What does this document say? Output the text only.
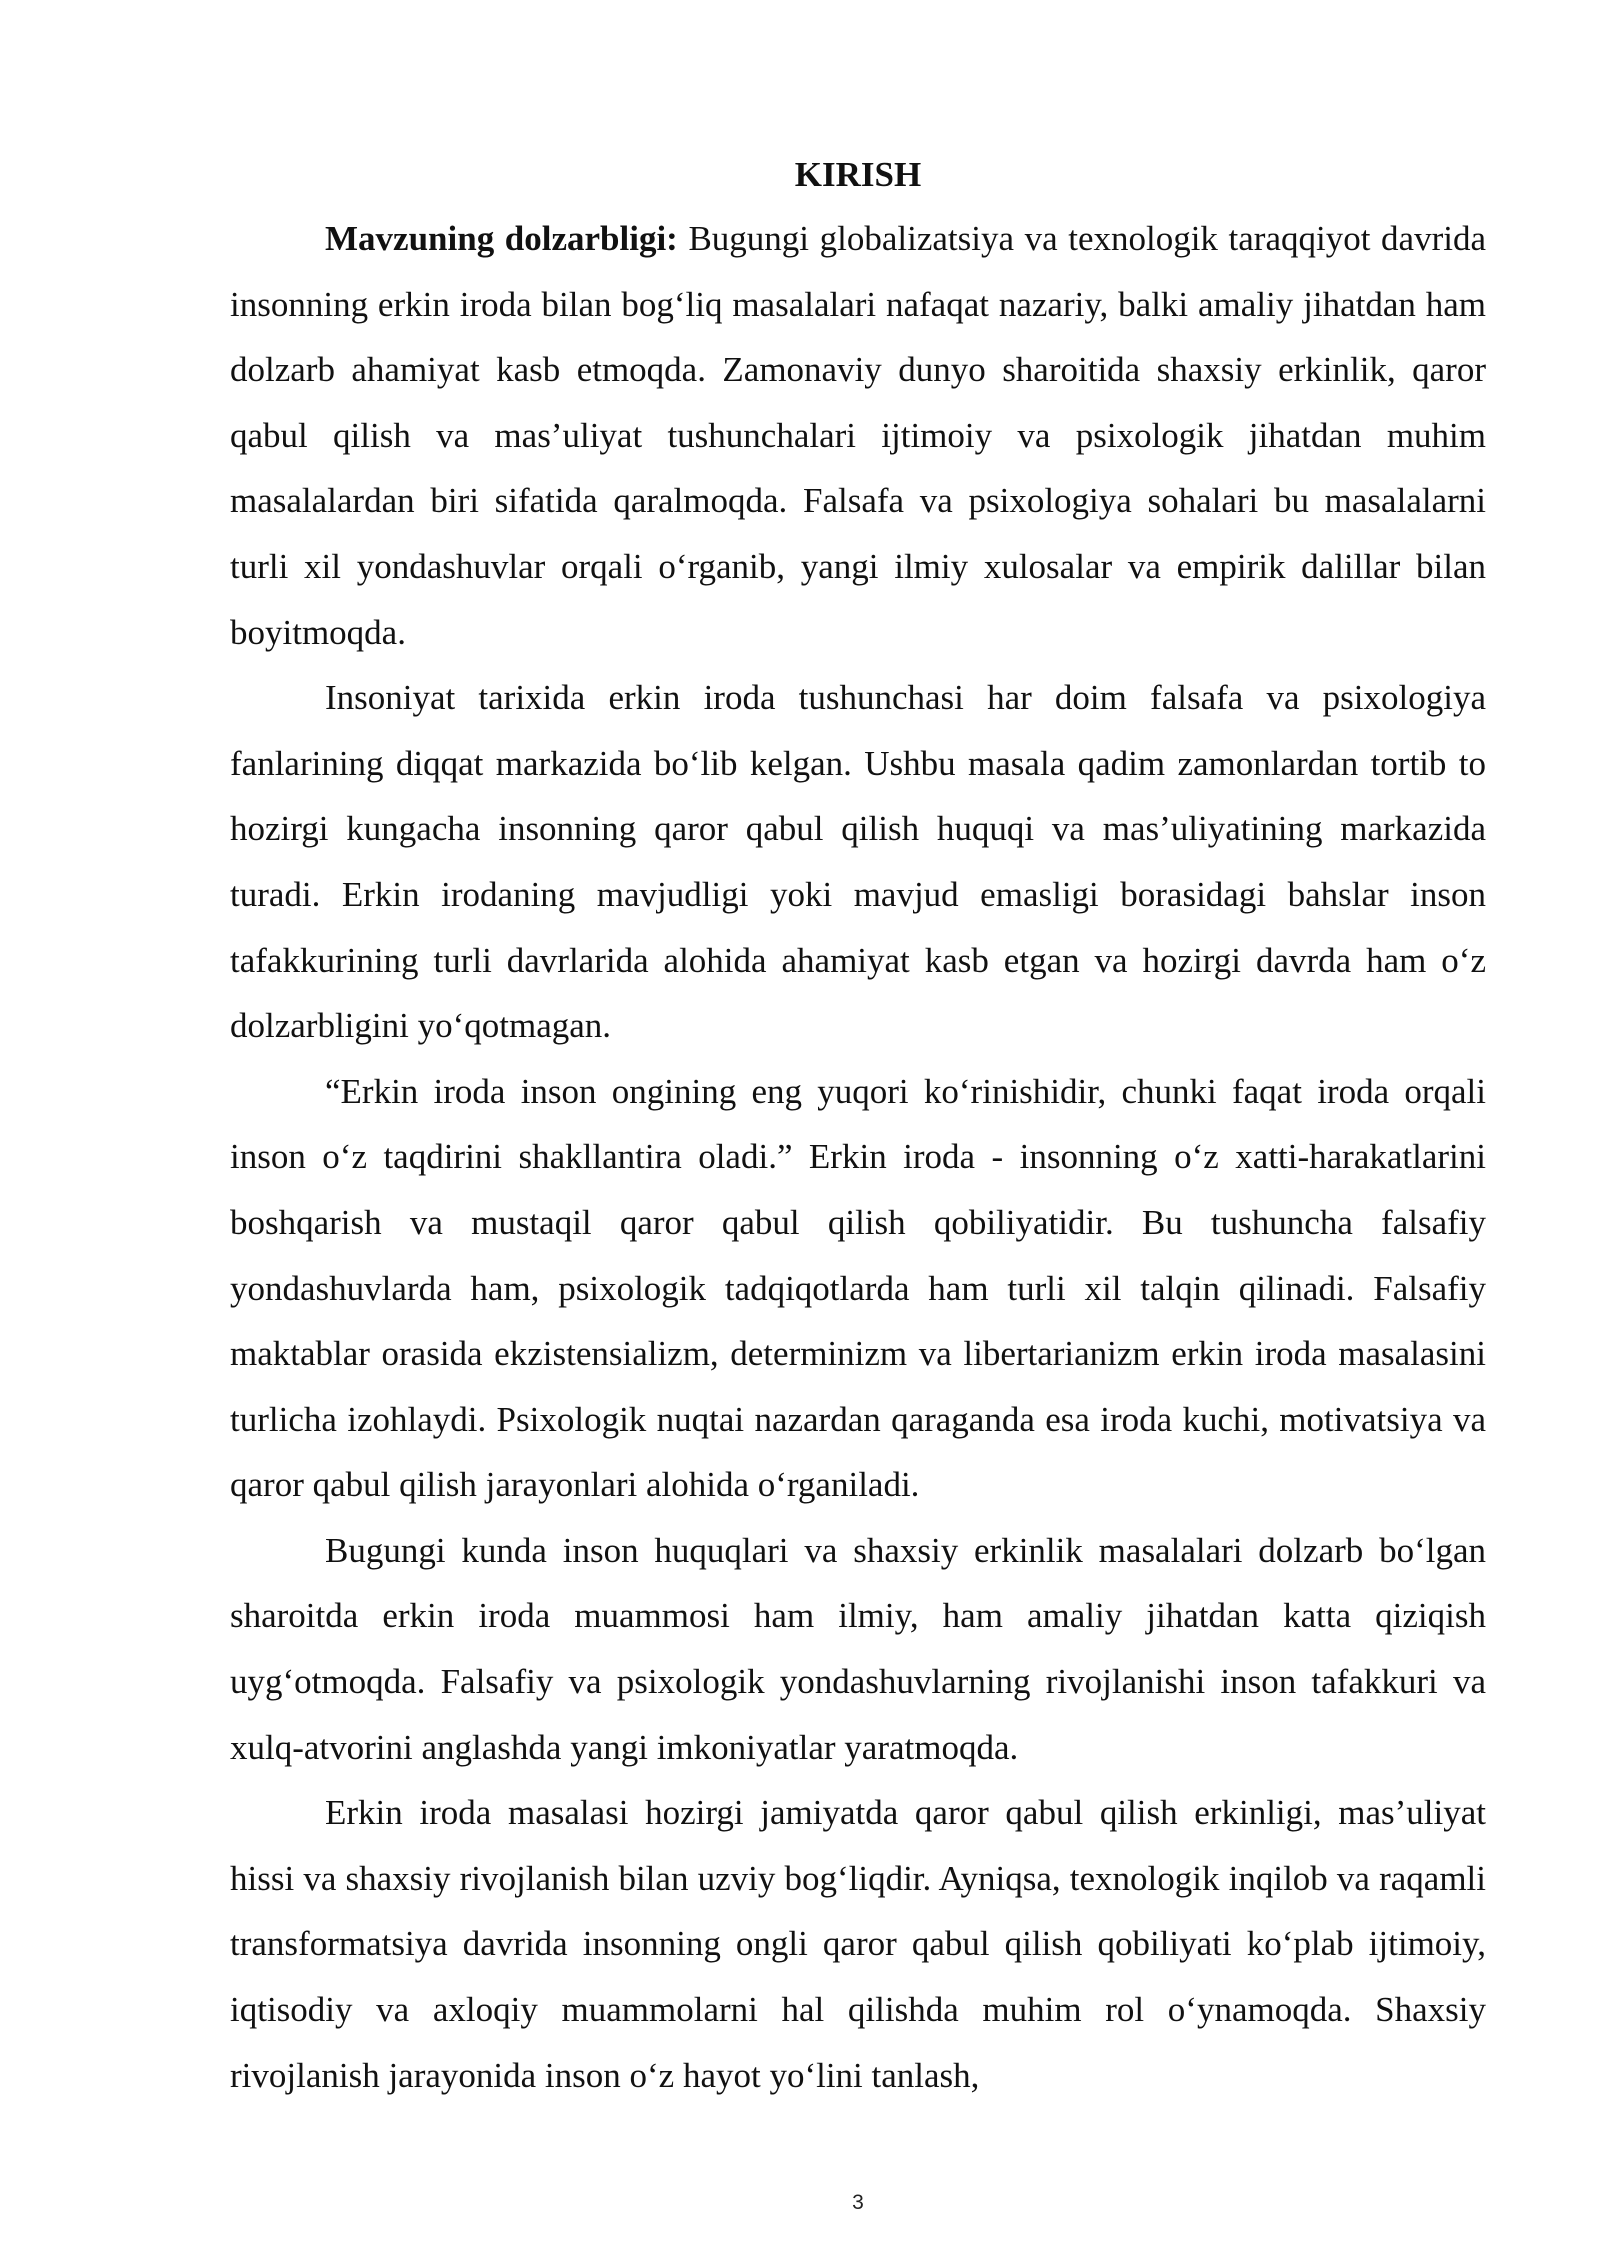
KIRISH

Mavzuning dolzarbligi: Bugungi globalizatsiya va texnologik taraqqiyot davrida insonning erkin iroda bilan bog‘liq masalalari nafaqat nazariy, balki amaliy jihatdan ham dolzarb ahamiyat kasb etmoqda. Zamonaviy dunyo sharoitida shaxsiy erkinlik, qaror qabul qilish va mas’uliyat tushunchalari ijtimoiy va psixologik jihatdan muhim masalalardan biri sifatida qaralmoqda. Falsafa va psixologiya sohalari bu masalalarni turli xil yondashuvlar orqali o‘rganib, yangi ilmiy xulosalar va empirik dalillar bilan boyitmoqda.

Insoniyat tarixida erkin iroda tushunchasi har doim falsafa va psixologiya fanlarining diqqat markazida bo‘lib kelgan. Ushbu masala qadim zamonlardan tortib to hozirgi kungacha insonning qaror qabul qilish huquqi va mas’uliyatining markazida turadi. Erkin irodaning mavjudligi yoki mavjud emasligi borasidagi bahslar inson tafakkurining turli davrlarida alohida ahamiyat kasb etgan va hozirgi davrda ham o‘z dolzarbligini yo‘qotmagan.

“Erkin iroda inson ongining eng yuqori ko‘rinishidir, chunki faqat iroda orqali inson o‘z taqdirini shakllantira oladi.” Erkin iroda - insonning o‘z xatti-harakatlarini boshqarish va mustaqil qaror qabul qilish qobiliyatidir. Bu tushuncha falsafiy yondashuvlarda ham, psixologik tadqiqotlarda ham turli xil talqin qilinadi. Falsafiy maktablar orasida ekzistensializm, determinizm va libertarianizm erkin iroda masalasini turlicha izohlaydi. Psixologik nuqtai nazardan qaraganda esa iroda kuchi, motivatsiya va qaror qabul qilish jarayonlari alohida o‘rganiladi.

Bugungi kunda inson huquqlari va shaxsiy erkinlik masalalari dolzarb bo‘lgan sharoitda erkin iroda muammosi ham ilmiy, ham amaliy jihatdan katta qiziqish uyg‘otmoqda. Falsafiy va psixologik yondashuvlarning rivojlanishi inson tafakkuri va xulq-atvorini anglashda yangi imkoniyatlar yaratmoqda.

Erkin iroda masalasi hozirgi jamiyatda qaror qabul qilish erkinligi, mas’uliyat hissi va shaxsiy rivojlanish bilan uzviy bog‘liqdir. Ayniqsa, texnologik inqilob va raqamli transformatsiya davrida insonning ongli qaror qabul qilish qobiliyati ko‘plab ijtimoiy, iqtisodiy va axloqiy muammolarni hal qilishda muhim rol o‘ynamoqda. Shaxsiy rivojlanish jarayonida inson o‘z hayot yo‘lini tanlash,

3
